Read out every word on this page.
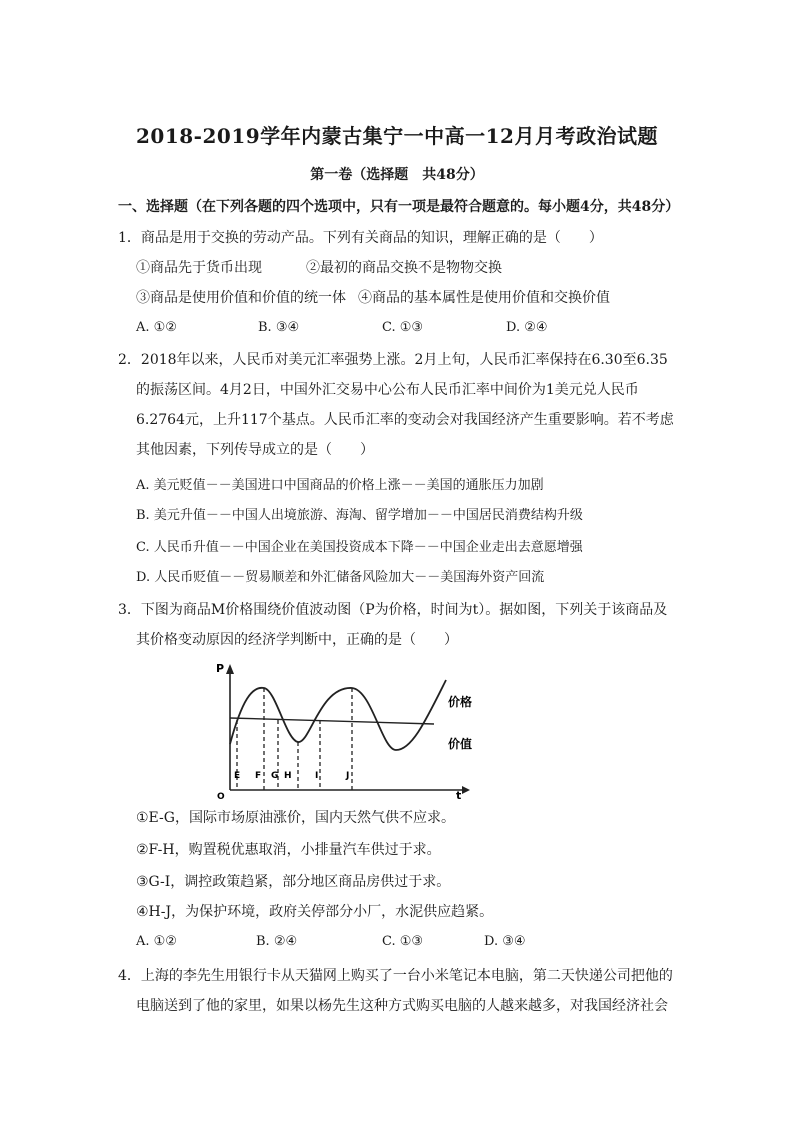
2018-2019学年内蒙古集宁一中高一12月月考政治试题
第一卷（选择题　共48分）
一、选择题（在下列各题的四个选项中，只有一项是最符合题意的。每小题4分，共48分）
1．商品是用于交换的劳动产品。下列有关商品的知识，理解正确的是（　　）
①商品先于货币出现	②最初的商品交换不是物物交换
③商品是使用价值和价值的统一体 ④商品的基本属性是使用价值和交换价值
A. ①②	B. ③④	C. ①③	D. ②④
2．2018年以来，人民币对美元汇率强势上涨。2月上旬，人民币汇率保持在6.30至6.35
的振荡区间。4月2日，中国外汇交易中心公布人民币汇率中间价为1美元兑人民币
6.2764元，上升117个基点。人民币汇率的变动会对我国经济产生重要影响。若不考虑
其他因素，下列传导成立的是（　　）
A. 美元贬值－－美国进口中国商品的价格上涨－－美国的通胀压力加剧
B. 美元升值－－中国人出境旅游、海淘、留学增加－－中国居民消费结构升级
C. 人民币升值－－中国企业在美国投资成本下降－－中国企业走出去意愿增强
D. 人民币贬值－－贸易顺差和外汇储备风险加大－－美国海外资产回流
3．下图为商品M价格围绕价值波动图（P为价格，时间为t）。据如图，下列关于该商品及
其价格变动原因的经济学判断中，正确的是（　　）
P
t
O
E F G H	I	J
价格
价值
①E-G，国际市场原油涨价，国内天然气供不应求。
②F-H，购置税优惠取消，小排量汽车供过于求。
③G-I，调控政策趋紧，部分地区商品房供过于求。
④H-J，为保护环境，政府关停部分小厂，水泥供应趋紧。
A. ①②	B. ②④	C. ①③	D. ③④
4．上海的李先生用银行卡从天猫网上购买了一台小米笔记本电脑，第二天快递公司把他的
电脑送到了他的家里，如果以杨先生这种方式购买电脑的人越来越多，对我国经济社会
